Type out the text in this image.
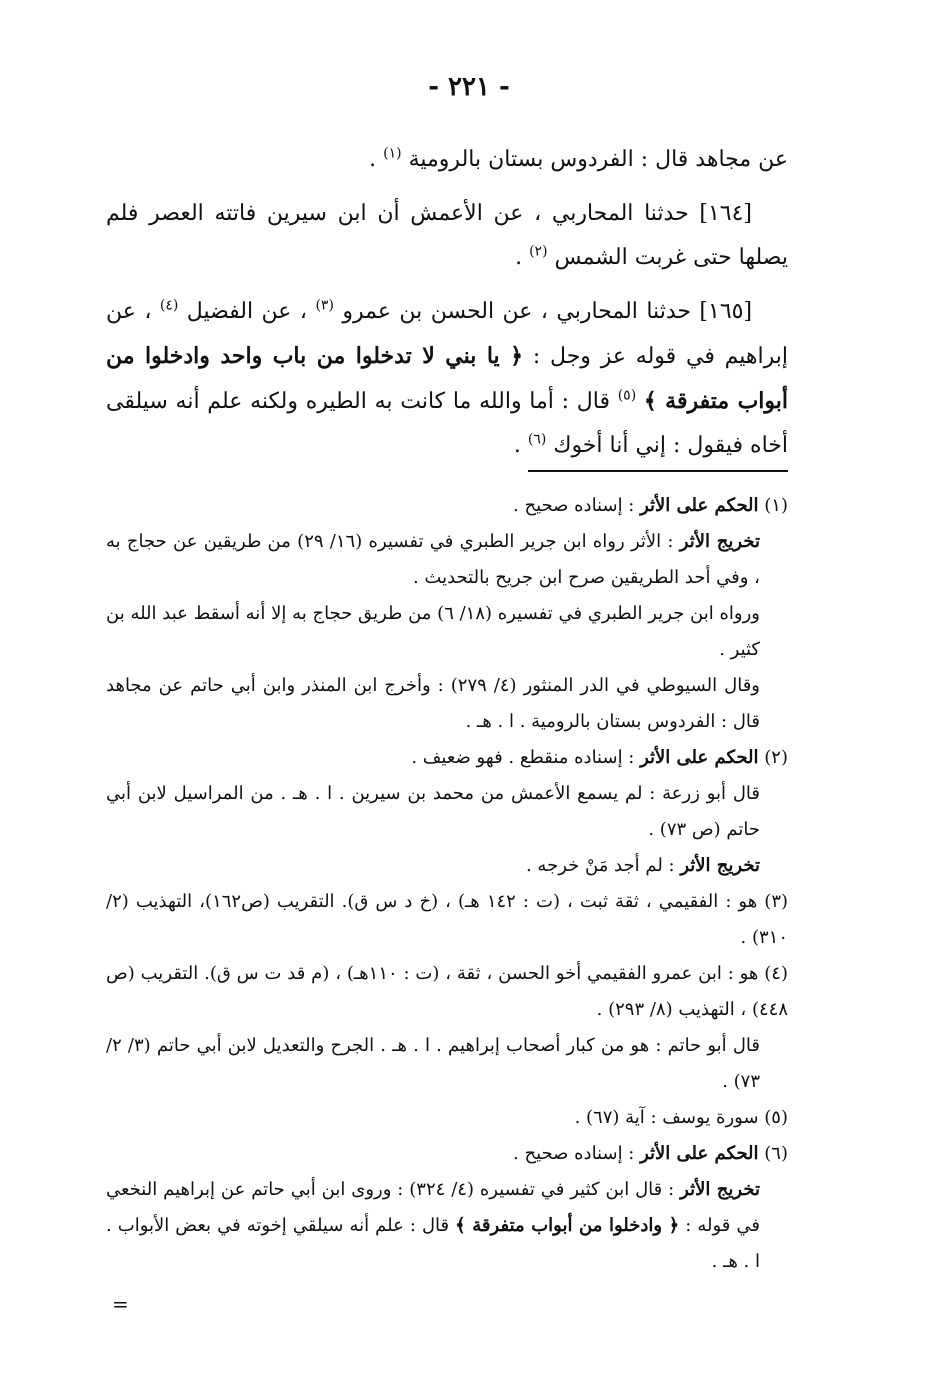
- ٢٢١ -

عن مجاهد قال : الفردوس بستان بالرومية $^{(١)}$ .

[١٦٤] حدثنا المحاربي ، عن الأعمش أن ابن سيرين فاتته العصر فلم يصلها حتى غربت الشمس $^{(٢)}$ .

[١٦٥] حدثنا المحاربي ، عن الحسن بن عمرو $^{(٣)}$ ، عن الفضيل $^{(٤)}$ ، عن إبراهيم في قوله عز وجل : ﴿ يا بني لا تدخلوا من باب واحد وادخلوا من أبواب متفرقة ﴾ $^{(٥)}$ قال : أما والله ما كانت به الطيره ولكنه علم أنه سيلقى أخاه فيقول : إني أنا أخوك $^{(٦)}$ .

(١) الحكم على الأثر : إسناده صحيح .

تخريج الأثر : الأثر رواه ابن جرير الطبري في تفسيره (١٦/ ٢٩) من طريقين عن حجاج به ، وفي أحد الطريقين صرح ابن جريح بالتحديث .

ورواه ابن جرير الطبري في تفسيره (١٨/ ٦) من طريق حجاج به إلا أنه أسقط عبد الله بن كثير .

وقال السيوطي في الدر المنثور (٤/ ٢٧٩) : وأخرج ابن المنذر وابن أبي حاتم عن مجاهد قال : الفردوس بستان بالرومية . ا . هـ .

(٢) الحكم على الأثر : إسناده منقطع . فهو ضعيف .

قال أبو زرعة : لم يسمع الأعمش من محمد بن سيرين . ا . هـ . من المراسيل لابن أبي حاتم (ص ٧٣) .

تخريج الأثر : لم أجد مَنْ خرجه .

(٣) هو : الفقيمي ، ثقة ثبت ، (ت : ١٤٢ هـ) ، (خ د س ق). التقريب (ص١٦٢)، التهذيب (٢/ ٣١٠) .

(٤) هو : ابن عمرو الفقيمي أخو الحسن ، ثقة ، (ت : ١١٠هـ) ، (م قد ت س ق). التقريب (ص ٤٤٨) ، التهذيب (٨/ ٢٩٣) .

قال أبو حاتم : هو من كبار أصحاب إبراهيم . ا . هـ . الجرح والتعديل لابن أبي حاتم (٣/ ٢/ ٧٣) .

(٥) سورة يوسف : آية (٦٧) .

(٦) الحكم على الأثر : إسناده صحيح .

تخريج الأثر : قال ابن كثير في تفسيره (٤/ ٣٢٤) : وروى ابن أبي حاتم عن إبراهيم النخعي في قوله : ﴿ وادخلوا من أبواب متفرقة ﴾ قال : علم أنه سيلقي إخوته في بعض الأبواب . ا . هـ .

=
